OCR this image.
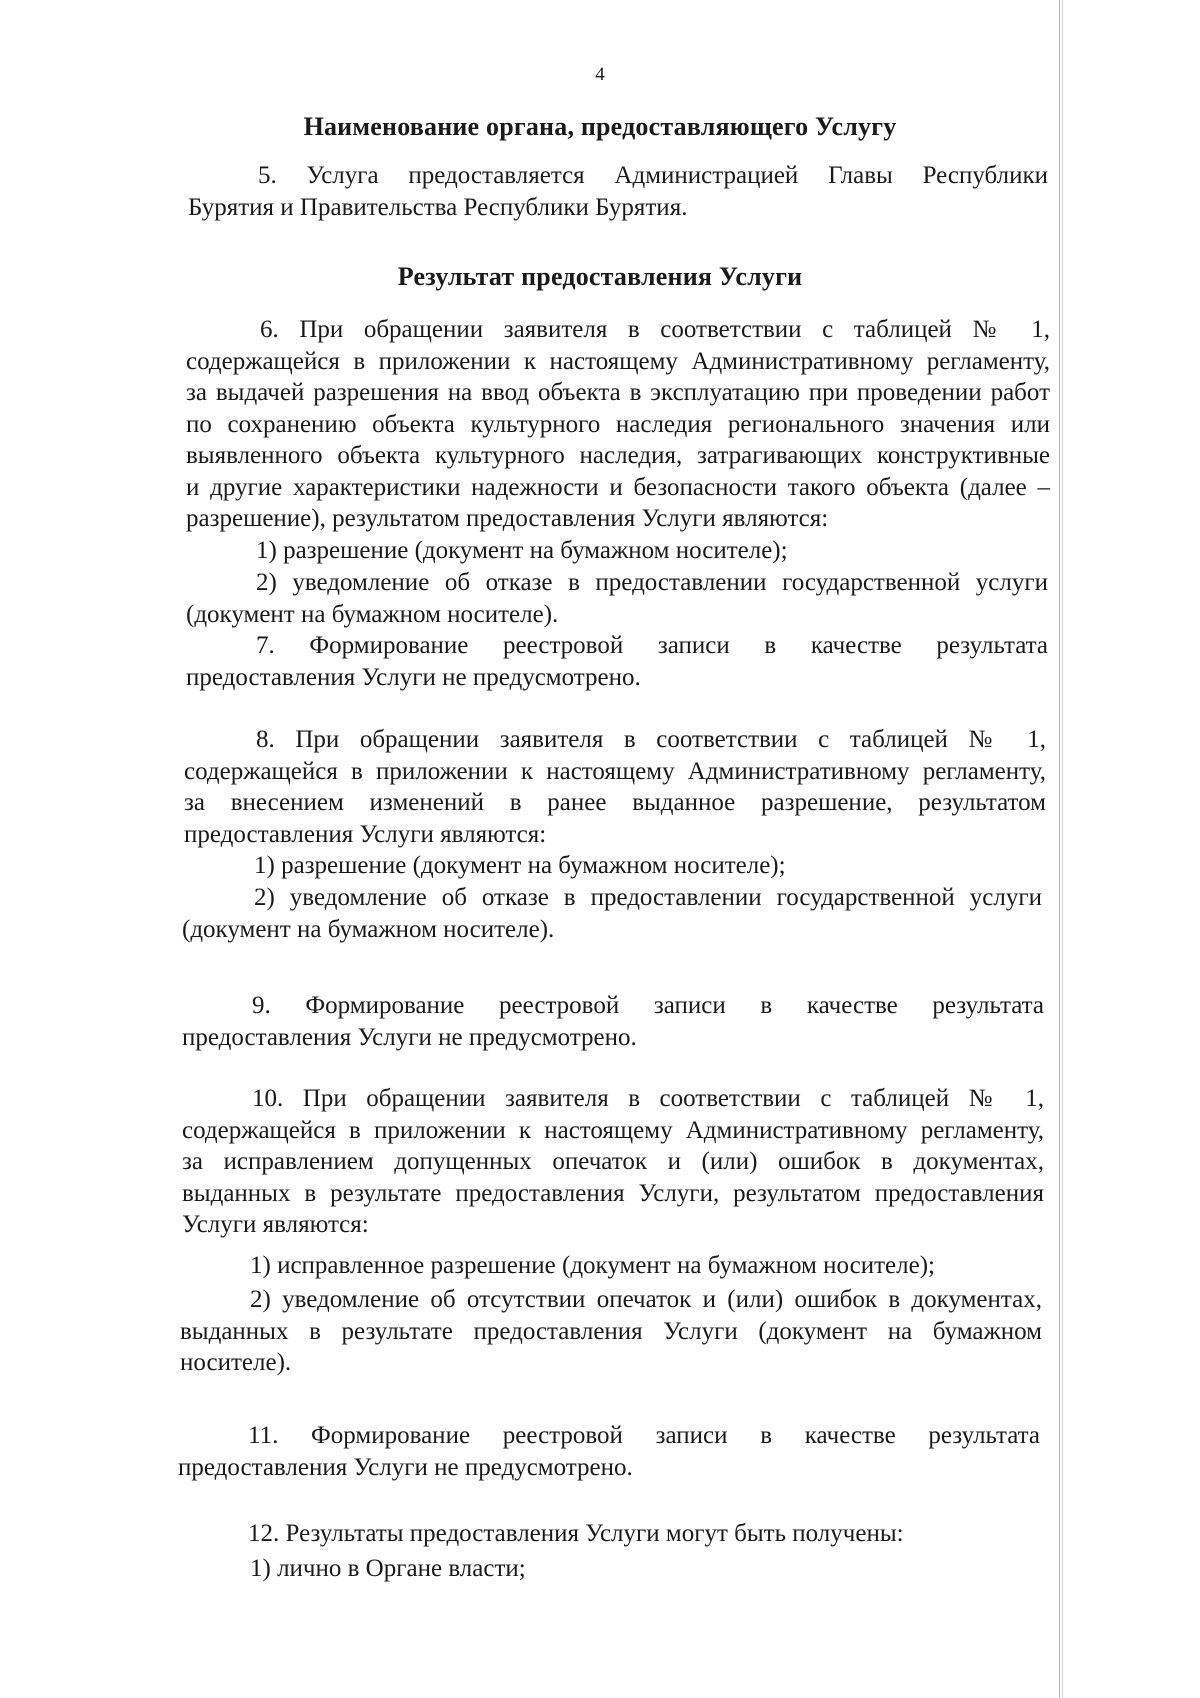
4
Наименование органа, предоставляющего Услугу
5. Услуга предоставляется Администрацией Главы Республики
Бурятия и Правительства Республики Бурятия.
Результат предоставления Услуги
6. При обращении заявителя в соответствии с таблицей № 1,
содержащейся в приложении к настоящему Административному регламенту,
за выдачей разрешения на ввод объекта в эксплуатацию при проведении работ
по сохранению объекта культурного наследия регионального значения или
выявленного объекта культурного наследия, затрагивающих конструктивные
и другие характеристики надежности и безопасности такого объекта (далее –
разрешение), результатом предоставления Услуги являются:
1) разрешение (документ на бумажном носителе);
2) уведомление об отказе в предоставлении государственной услуги
(документ на бумажном носителе).
7. Формирование реестровой записи в качестве результата
предоставления Услуги не предусмотрено.
8. При обращении заявителя в соответствии с таблицей № 1,
содержащейся в приложении к настоящему Административному регламенту,
за внесением изменений в ранее выданное разрешение, результатом
предоставления Услуги являются:
1) разрешение (документ на бумажном носителе);
2) уведомление об отказе в предоставлении государственной услуги
(документ на бумажном носителе).
9. Формирование реестровой записи в качестве результата
предоставления Услуги не предусмотрено.
10. При обращении заявителя в соответствии с таблицей № 1,
содержащейся в приложении к настоящему Административному регламенту,
за исправлением допущенных опечаток и (или) ошибок в документах,
выданных в результате предоставления Услуги, результатом предоставления
Услуги являются:
1) исправленное разрешение (документ на бумажном носителе);
2) уведомление об отсутствии опечаток и (или) ошибок в документах,
выданных в результате предоставления Услуги (документ на бумажном
носителе).
11. Формирование реестровой записи в качестве результата
предоставления Услуги не предусмотрено.
12. Результаты предоставления Услуги могут быть получены:
1) лично в Органе власти;
